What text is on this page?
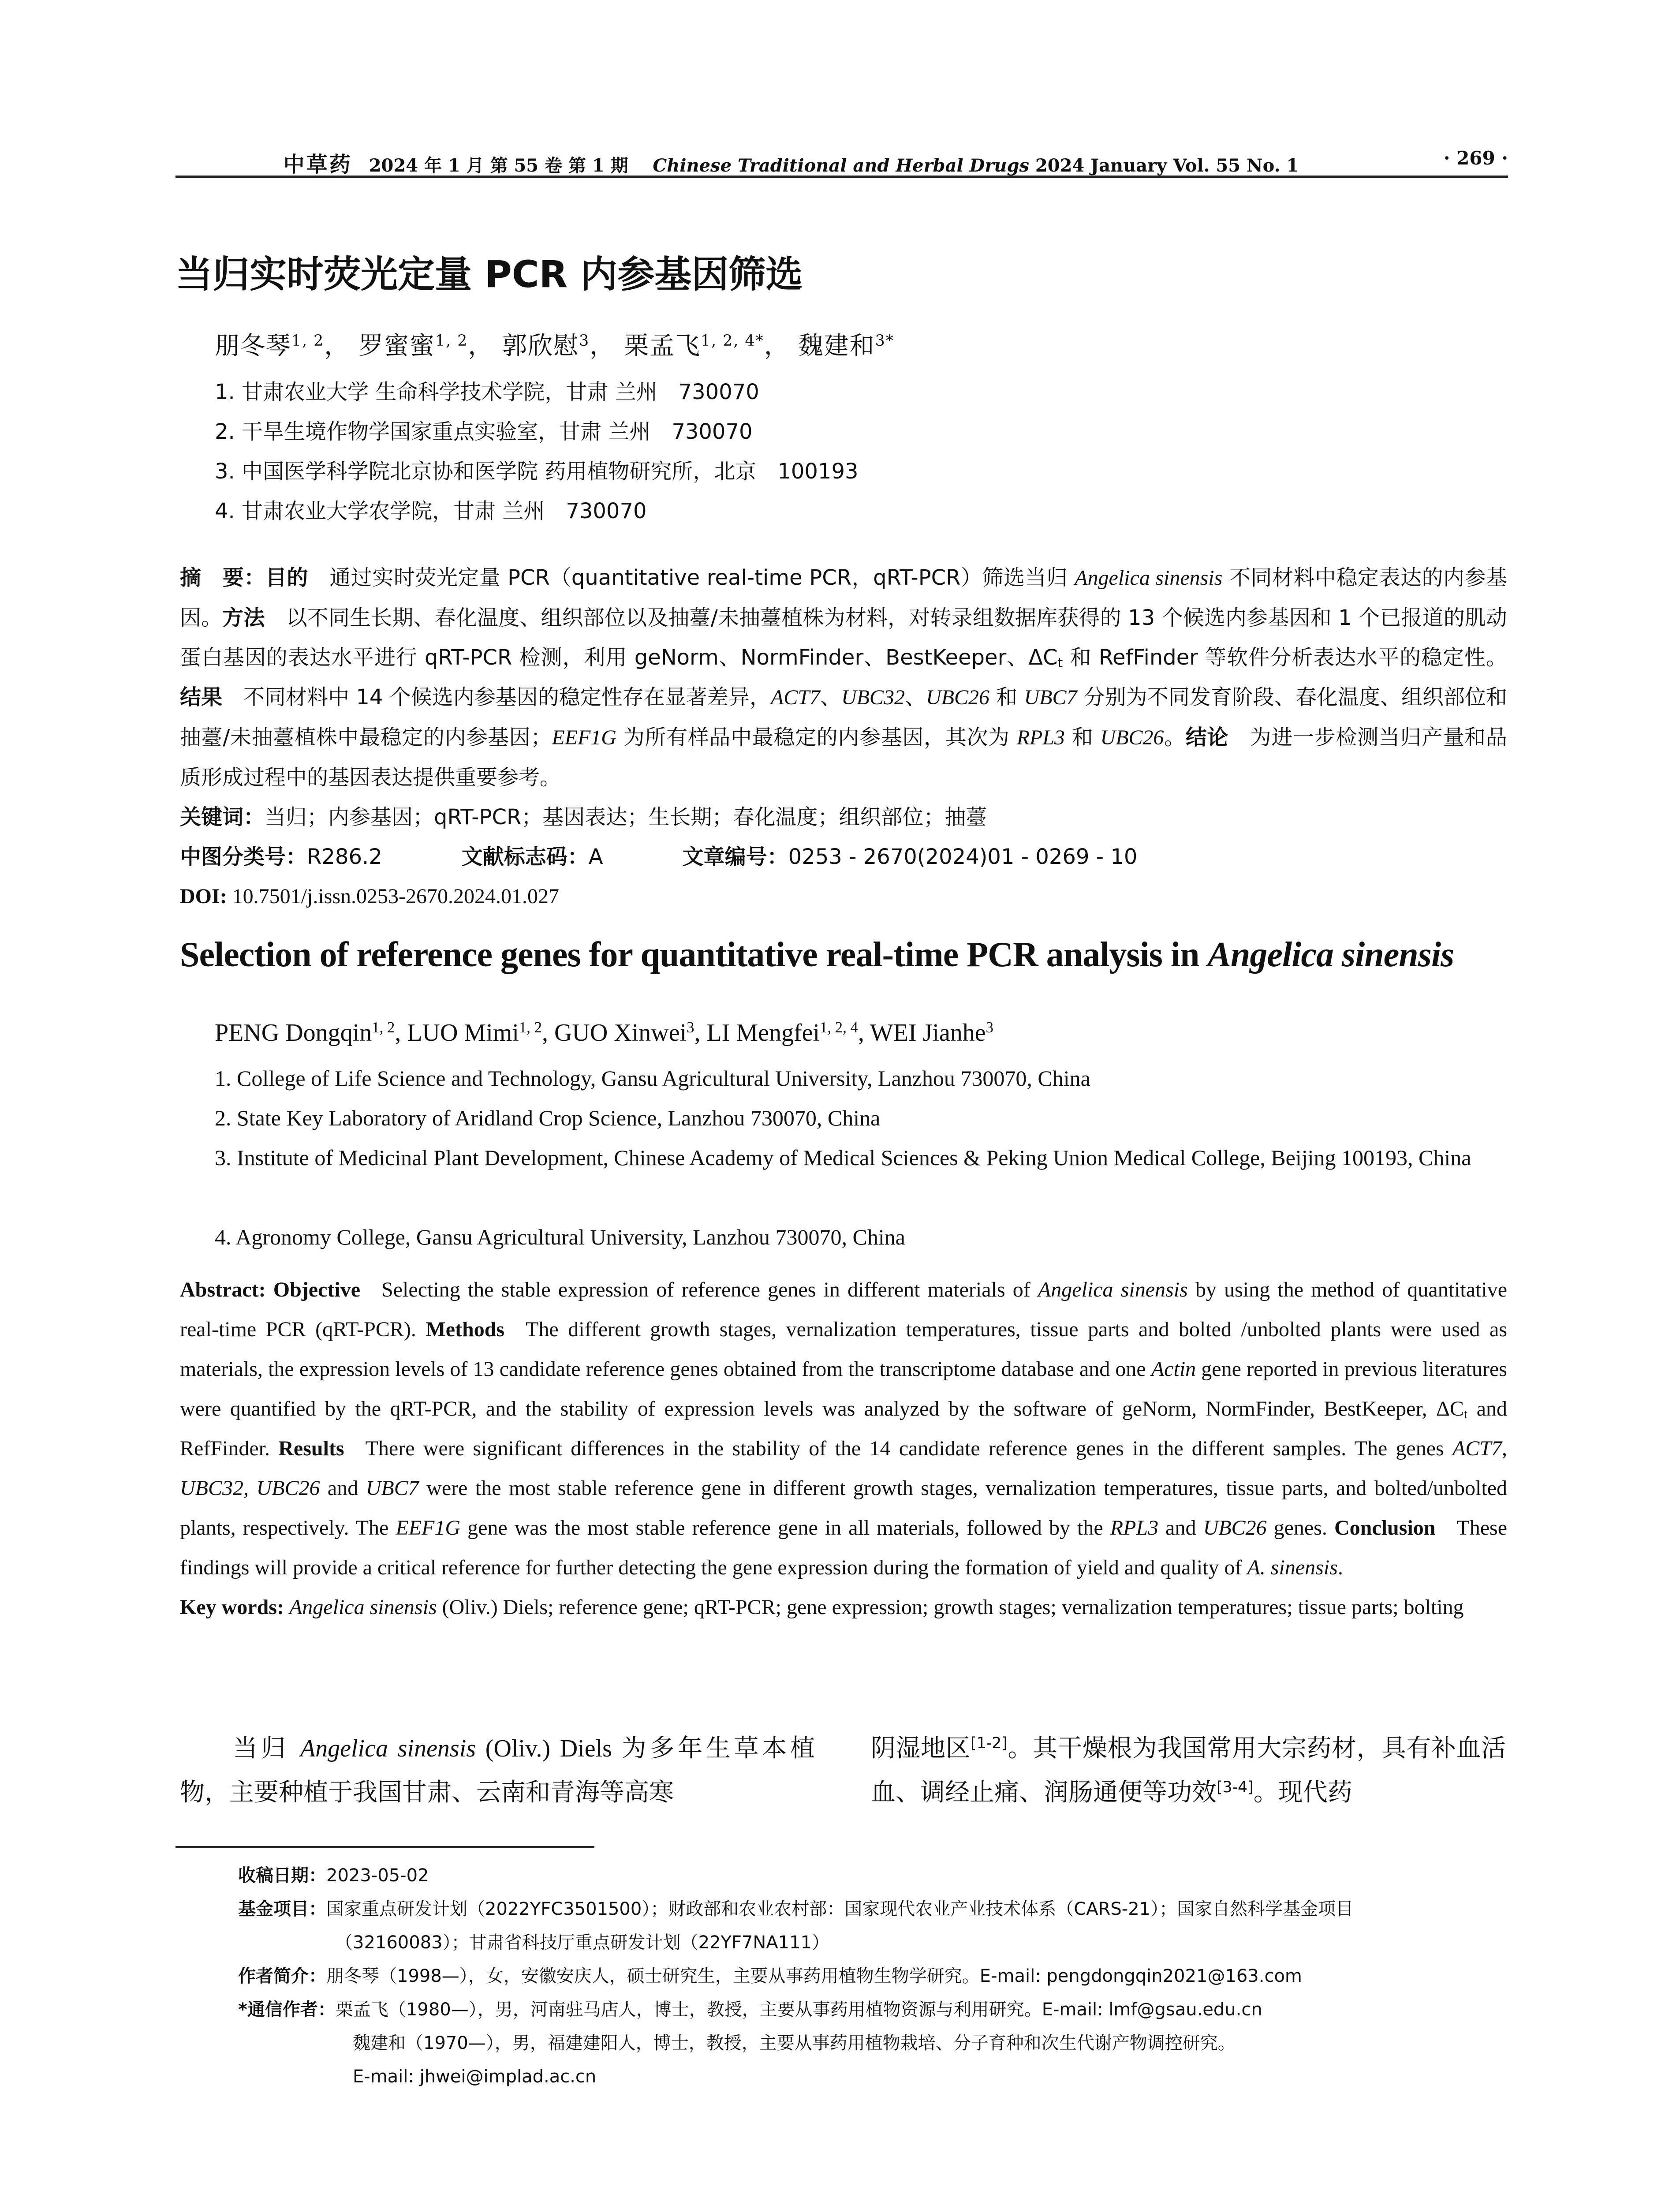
中草药 2024 年 1 月 第 55 卷 第 1 期 Chinese Traditional and Herbal Drugs 2024 January Vol. 55 No. 1	· 269 ·
当归实时荧光定量 PCR 内参基因筛选
朋冬琴$^{1, 2}$， 罗蜜蜜$^{1, 2}$， 郭欣慰$^3$， 栗孟飞$^{1, 2, 4*}$， 魏建和$^{3*}$
1. 甘肃农业大学 生命科学技术学院，甘肃 兰州　730070
2. 干旱生境作物学国家重点实验室，甘肃 兰州　730070
3. 中国医学科学院北京协和医学院 药用植物研究所，北京　100193
4. 甘肃农业大学农学院，甘肃 兰州　730070

摘　要：目的  通过实时荧光定量 PCR（quantitative real-time PCR，qRT-PCR）筛选当归 Angelica sinensis 不同材料中稳定表达的内参基因。方法  以不同生长期、春化温度、组织部位以及抽薹/未抽薹植株为材料，对转录组数据库获得的 13 个候选内参基因和 1 个已报道的肌动蛋白基因的表达水平进行 qRT-PCR 检测，利用 geNorm、NormFinder、BestKeeper、$\Delta C_t$ 和 RefFinder 等软件分析表达水平的稳定性。结果  不同材料中 14 个候选内参基因的稳定性存在显著差异，ACT7、UBC32、UBC26 和 UBC7 分别为不同发育阶段、春化温度、组织部位和抽薹/未抽薹植株中最稳定的内参基因；EEF1G 为所有样品中最稳定的内参基因，其次为 RPL3 和 UBC26。结论  为进一步检测当归产量和品质形成过程中的基因表达提供重要参考。

关键词：当归；内参基因；qRT-PCR；基因表达；生长期；春化温度；组织部位；抽薹

中图分类号：R286.2	文献标志码：A	文章编号：0253 - 2670(2024)01 - 0269 - 10

DOI: 10.7501/j.issn.0253-2670.2024.01.027

Selection of reference genes for quantitative real-time PCR analysis in Angelica sinensis
PENG Dongqin$^{1, 2}$, LUO Mimi$^{1, 2}$, GUO Xinwei$^3$, LI Mengfei$^{1, 2, 4}$, WEI Jianhe$^3$
1. College of Life Science and Technology, Gansu Agricultural University, Lanzhou 730070, China
2. State Key Laboratory of Aridland Crop Science, Lanzhou 730070, China
3. Institute of Medicinal Plant Development, Chinese Academy of Medical Sciences & Peking Union Medical College, Beijing 100193, China
4. Agronomy College, Gansu Agricultural University, Lanzhou 730070, China

Abstract: Objective  Selecting the stable expression of reference genes in different materials of Angelica sinensis by using the method of quantitative real-time PCR (qRT-PCR). Methods  The different growth stages, vernalization temperatures, tissue parts and bolted /unbolted plants were used as materials, the expression levels of 13 candidate reference genes obtained from the transcriptome database and one Actin gene reported in previous literatures were quantified by the qRT-PCR, and the stability of expression levels was analyzed by the software of geNorm, NormFinder, BestKeeper, $\Delta C_t$ and RefFinder. Results  There were significant differences in the stability of the 14 candidate reference genes in the different samples. The genes ACT7, UBC32, UBC26 and UBC7 were the most stable reference gene in different growth stages, vernalization temperatures, tissue parts, and bolted/unbolted plants, respectively. The EEF1G gene was the most stable reference gene in all materials, followed by the RPL3 and UBC26 genes. Conclusion  These findings will provide a critical reference for further detecting the gene expression during the formation of yield and quality of A. sinensis.

Key words: Angelica sinensis (Oliv.) Diels; reference gene; qRT-PCR; gene expression; growth stages; vernalization temperatures; tissue parts; bolting

当归 Angelica sinensis (Oliv.) Diels 为多年生草本植物，主要种植于我国甘肃、云南和青海等高寒

阴湿地区[1-2]。其干燥根为我国常用大宗药材，具有补血活血、调经止痛、润肠通便等功效[3-4]。现代药

收稿日期：2023-05-02

基金项目：国家重点研发计划（2022YFC3501500）；财政部和农业农村部：国家现代农业产业技术体系（CARS-21）；国家自然科学基金项目

（32160083）；甘肃省科技厅重点研发计划（22YF7NA111）

作者简介：朋冬琴（1998—），女，安徽安庆人，硕士研究生，主要从事药用植物生物学研究。E-mail: pengdongqin2021@163.com

*通信作者：栗孟飞（1980—），男，河南驻马店人，博士，教授，主要从事药用植物资源与利用研究。E-mail: lmf@gsau.edu.cn

魏建和（1970—），男，福建建阳人，博士，教授，主要从事药用植物栽培、分子育种和次生代谢产物调控研究。

E-mail: jhwei@implad.ac.cn
